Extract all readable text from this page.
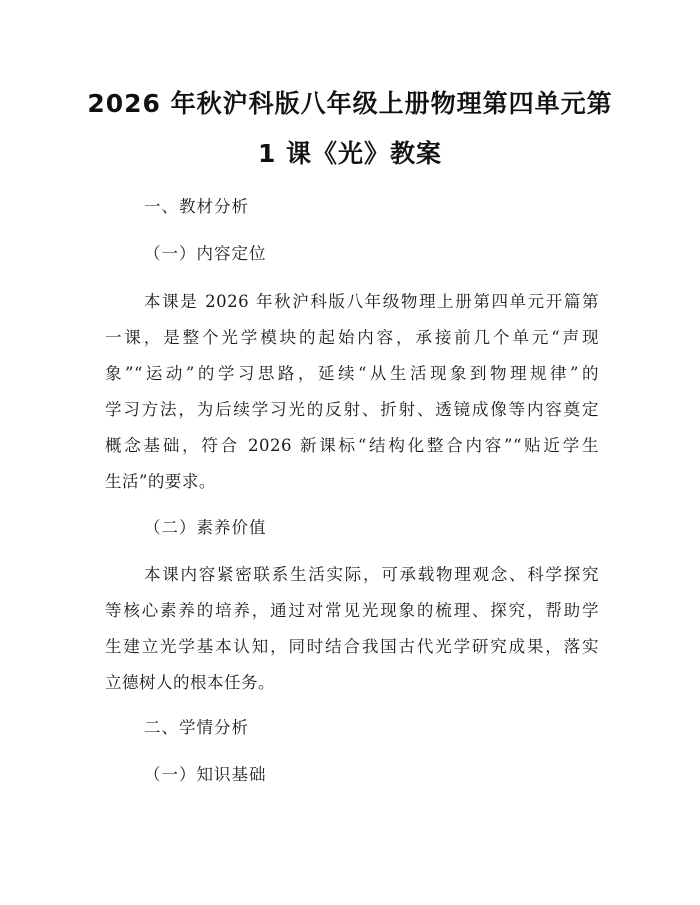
2026 年秋沪科版八年级上册物理第四单元第
1 课《光》教案
一、教材分析
（一）内容定位
本课是 2026 年秋沪科版八年级物理上册第四单元开篇第
一课，是整个光学模块的起始内容，承接前几个单元“声现
象”“运动”的学习思路，延续“从生活现象到物理规律”的
学习方法，为后续学习光的反射、折射、透镜成像等内容奠定
概念基础，符合 2026 新课标“结构化整合内容”“贴近学生
生活”的要求。
（二）素养价值
本课内容紧密联系生活实际，可承载物理观念、科学探究
等核心素养的培养，通过对常见光现象的梳理、探究，帮助学
生建立光学基本认知，同时结合我国古代光学研究成果，落实
立德树人的根本任务。
二、学情分析
（一）知识基础
